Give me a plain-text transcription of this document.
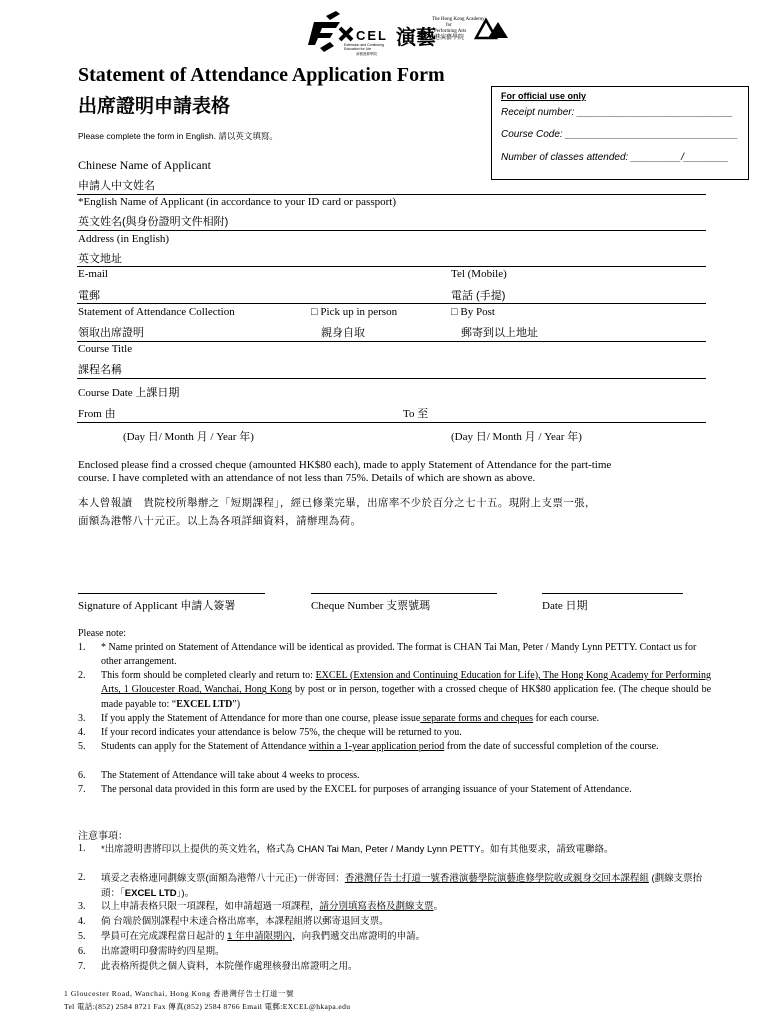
CEL
Extension and Continuing
Education for Life
演藝進修學院
演藝
The Hong Kong Academy
for
Performing Arts
香港演藝學院
Statement of Attendance Application Form
出席證明申請表格
Please complete the form in English. 請以英文填寫。
For official use only
Receipt number: ____________________________
Course Code: _______________________________
Number of classes attended: _________/________
Chinese Name of Applicant
申請人中文姓名
*English Name of Applicant (in accordance to your ID card or passport)
英文姓名(與身份證明文件相附)
Address (in English)
英文地址
E-mail
電郵
Tel (Mobile)
電話 (手提)
Statement of Attendance Collection
領取出席證明
□ Pick up in person
親身自取
□ By Post
郵寄到以上地址
Course Title
課程名稱
Course Date 上課日期
From 由	To 至
(Day 日/ Month 月 / Year 年)	(Day 日/ Month 月 / Year 年)
Enclosed please find a crossed cheque (amounted HK$80 each), made to apply Statement of Attendance for the part-time
course. I have completed with an attendance of not less than 75%. Details of which are shown as above.
本人曾報讀　貴院校所舉辦之「短期課程」，經已修業完畢，出席率不少於百分之七十五。現附上支票一張，
面額為港幣八十元正。以上為各項詳細資料，請辦理為荷。
Signature of Applicant 申請人簽署	Cheque Number 支票號瑪	Date 日期
Please note:
1. * Name printed on Statement of Attendance will be identical as provided. The format is CHAN Tai Man, Peter / Mandy Lynn PETTY. Contact us for other arrangement.
2. This form should be completed clearly and return to: EXCEL (Extension and Continuing Education for Life), The Hong Kong Academy for Performing Arts, 1 Gloucester Road, Wanchai, Hong Kong by post or in person, together with a crossed cheque of HK$80 application fee. (The cheque should be made payable to: “EXCEL LTD”)
3. If you apply the Statement of Attendance for more than one course, please issue separate forms and cheques for each course.
4. If your record indicates your attendance is below 75%, the cheque will be returned to you.
5. Students can apply for the Statement of Attendance within a 1-year application period from the date of successful completion of the course.
6. The Statement of Attendance will take about 4 weeks to process.
7. The personal data provided in this form are used by the EXCEL for purposes of arranging issuance of your Statement of Attendance.
注意事項：
1. *出席證明書將印以上提供的英文姓名，格式為 CHAN Tai Man, Peter / Mandy Lynn PETTY。如有其他要求，請致電聯絡。
2. 填妥之表格連同劃線支票(面額為港幣八十元正)一併寄回：香港灣仔告士打道一號香港演藝學院演藝進修學院收或親身交回本課程組 (劃線支票抬頭：「EXCEL LTD」)。
3. 以上申請表格只限一項課程，如申請超過一項課程，請分別填寫表格及劃線支票。
4. 倘 台端於個別課程中未達合格出席率，本課程組將以郵寄退回支票。
5. 學員可在完成課程當日起計的 1 年申請限期內，向我們遞交出席證明的申請。
6. 出席證明印發需時約四星期。
7. 此表格所提供之個人資料，本院僅作處理核發出席證明之用。
1 Gloucester Road, Wanchai, Hong Kong 香港灣仔告士打道一號
Tel 電話:(852) 2584 8721 Fax 傳真(852) 2584 8766 Email 電郵:EXCEL@hkapa.edu
